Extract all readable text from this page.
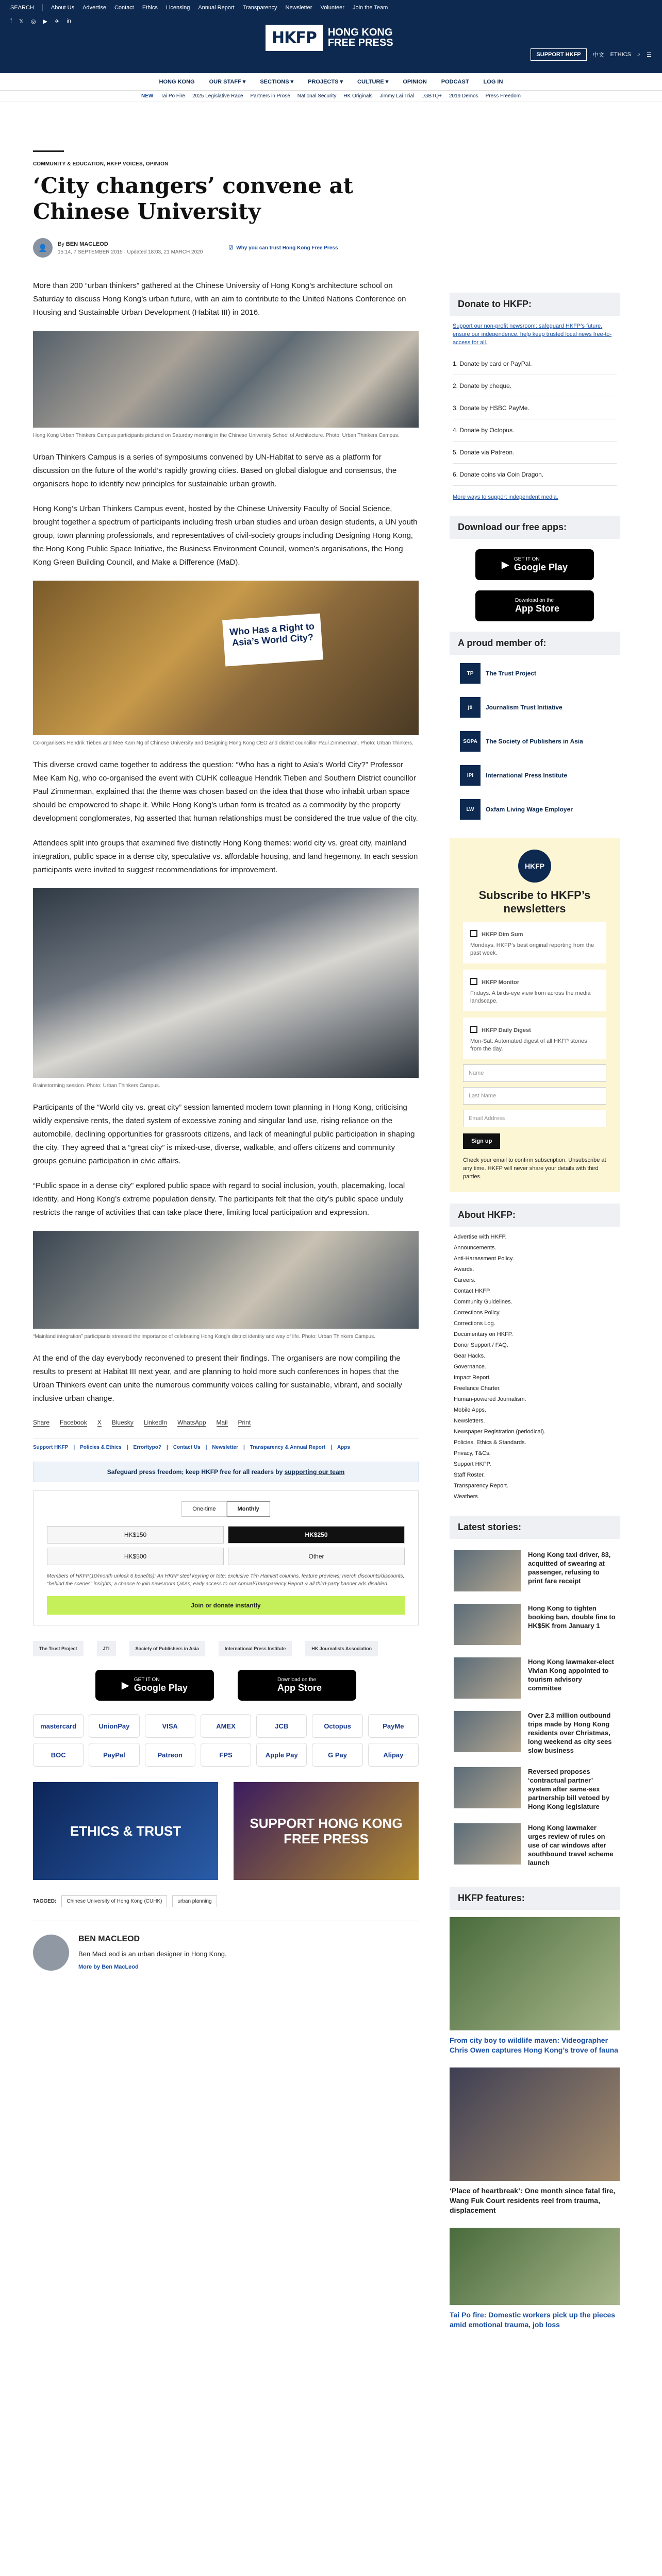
SEARCH	About Us Advertise Contact Ethics Licensing Annual Report Transparency Newsletter Volunteer Join the Team
f 𝕏 ◎ ▶ ✈ in
HKFP	HONG KONG
FREE PRESS
SUPPORT HKFP	中文 ETHICS ⌕ ☰
HONG KONG	OUR STAFF ▾	SECTIONS ▾	PROJECTS ▾	CULTURE ▾	OPINION	PODCAST	LOG IN
NEW Tai Po Fire 2025 Legislative Race Partners in Prose National Security HK Originals Jimmy Lai Trial LGBTQ+ 2019 Demos Press Freedom
COMMUNITY & EDUCATION, HKFP VOICES, OPINION
‘City changers’ convene at Chinese University
👤	By BEN MACLEOD
15:14, 7 SEPTEMBER 2015 · Updated 18:03, 21 MARCH 2020
☑ Why you can trust Hong Kong Free Press

More than 200 “urban thinkers” gathered at the Chinese University of Hong Kong’s architecture school on Saturday to discuss Hong Kong’s urban future, with an aim to contribute to the United Nations Conference on Housing and Sustainable Urban Development (Habitat III) in 2016.

Hong Kong Urban Thinkers Campus participants pictured on Saturday morning in the Chinese University School of Architecture. Photo: Urban Thinkers Campus.

Urban Thinkers Campus is a series of symposiums convened by UN-Habitat to serve as a platform for discussion on the future of the world’s rapidly growing cities. Based on global dialogue and consensus, the organisers hope to identify new principles for sustainable urban growth.

Hong Kong’s Urban Thinkers Campus event, hosted by the Chinese University Faculty of Social Science, brought together a spectrum of participants including fresh urban studies and urban design students, a UN youth group, town planning professionals, and representatives of civil-society groups including Designing Hong Kong, the Hong Kong Public Space Initiative, the Business Environment Council, women’s organisations, the Hong Kong Green Building Council, and Make a Difference (MaD).

Who Has a Right to Asia’s World City?
Co-organisers Hendrik Tieben and Mee Kam Ng of Chinese University and Designing Hong Kong CEO and district councillor Paul Zimmerman. Photo: Urban Thinkers.

This diverse crowd came together to address the question: “Who has a right to Asia’s World City?” Professor Mee Kam Ng, who co-organised the event with CUHK colleague Hendrik Tieben and Southern District councillor Paul Zimmerman, explained that the theme was chosen based on the idea that those who inhabit urban space should be empowered to shape it. While Hong Kong’s urban form is treated as a commodity by the property development conglomerates, Ng asserted that human relationships must be considered the true value of the city.

Attendees split into groups that examined five distinctly Hong Kong themes: world city vs. great city, mainland integration, public space in a dense city, speculative vs. affordable housing, and land hegemony. In each session participants were invited to suggest recommendations for improvement.

Brainstorming session. Photo: Urban Thinkers Campus.

Participants of the “World city vs. great city” session lamented modern town planning in Hong Kong, criticising wildly expensive rents, the dated system of excessive zoning and singular land use, rising reliance on the automobile, declining opportunities for grassroots citizens, and lack of meaningful public participation in shaping the city. They agreed that a “great city” is mixed-use, diverse, walkable, and offers citizens and community groups genuine participation in civic affairs.

“Public space in a dense city” explored public space with regard to social inclusion, youth, placemaking, local identity, and Hong Kong’s extreme population density. The participants felt that the city’s public space unduly restricts the range of activities that can take place there, limiting local participation and expression.

“Mainland integration” participants stressed the importance of celebrating Hong Kong’s district identity and way of life. Photo: Urban Thinkers Campus.

At the end of the day everybody reconvened to present their findings. The organisers are now compiling the results to present at Habitat III next year, and are planning to hold more such conferences in hopes that the Urban Thinkers event can unite the numerous community voices calling for sustainable, vibrant, and socially inclusive urban change.

Share Facebook X Bluesky LinkedIn WhatsApp Mail Print
Support HKFP | Policies & Ethics | Error/typo? | Contact Us | Newsletter | Transparency & Annual Report | Apps
Safeguard press freedom; keep HKFP free for all readers by
supporting our team
One-time	Monthly
HK$150	HK$250
HK$500	Other
Members of HKFP(10/month unlock 6 benefits): An HKFP steel keyring or tote; exclusive Tim Hamlett columns, feature previews; merch discounts/discounts; “behind the scenes” insights; a chance to join newsroom Q&As; early access to our Annual/Transparency Report & all third-party banner ads disabled.
Join or donate instantly
The Trust Project	JTI	Society of Publishers in Asia	International Press Institute	HK Journalists Association
▶ GET IT ON
Google Play
Download on the
App Store
mastercard	UnionPay	VISA	AMEX	JCB	Octopus	PayMe
BOC	PayPal	Patreon	FPS	Apple Pay	G Pay	Alipay
ETHICS & TRUST	SUPPORT HONG KONG FREE PRESS
TAGGED:	Chinese University of Hong Kong (CUHK)	urban planning
BEN MACLEOD
Ben MacLeod is an urban designer in Hong Kong.
More by Ben MacLeod
Donate to HKFP:
Support our non-profit newsroom: safeguard HKFP’s future, ensure our independence, help keep trusted local news free-to-access for all.
1. Donate by card or PayPal.
2. Donate by cheque.
3. Donate by HSBC PayMe.
4. Donate by Octopus.
5. Donate via Patreon.
6. Donate coins via Coin Dragon.
More ways to support independent media.
Download our free apps:
▶ GET IT ON
Google Play
Download on the
App Store
A proud member of:
TP	The Trust Project
jti	Journalism Trust Initiative
SOPA	The Society of Publishers in Asia
IPI	International Press Institute
LW	Oxfam Living Wage Employer
HKFP
Subscribe to HKFP’s newsletters
HKFP Dim Sum
Mondays. HKFP’s best original reporting from the past week.
HKFP Monitor
Fridays. A birds-eye view from across the media landscape.
HKFP Daily Digest
Mon-Sat. Automated digest of all HKFP stories from the day.
Name
Last Name
Email Address
Sign up
Check your email to confirm subscription. Unsubscribe at any time. HKFP will never share your details with third parties.
About HKFP:
Advertise with HKFP.
Announcements.
Anti-Harassment Policy.
Awards.
Careers.
Contact HKFP.
Community Guidelines.
Corrections Policy.
Corrections Log.
Documentary on HKFP.
Donor Support / FAQ.
Gear Hacks.
Governance.
Impact Report.
Freelance Charter.
Human-powered Journalism.
Mobile Apps.
Newsletters.
Newspaper Registration (periodical).
Policies, Ethics & Standards.
Privacy, T&Cs.
Support HKFP.
Staff Roster.
Transparency Report.
Weathers.
Latest stories:
Hong Kong taxi driver, 83, acquitted of swearing at passenger, refusing to print fare receipt
Hong Kong to tighten booking ban, double fine to HK$5K from January 1
Hong Kong lawmaker-elect Vivian Kong appointed to tourism advisory committee
Over 2.3 million outbound trips made by Hong Kong residents over Christmas, long weekend as city sees slow business
Reversed proposes ‘contractual partner’ system after same-sex partnership bill vetoed by Hong Kong legislature
Hong Kong lawmaker urges review of rules on use of car windows after southbound travel scheme launch
HKFP features:
From city boy to wildlife maven: Videographer Chris Owen captures Hong Kong’s trove of fauna
‘Place of heartbreak’: One month since fatal fire, Wang Fuk Court residents reel from trauma, displacement
Tai Po fire: Domestic workers pick up the pieces amid emotional trauma, job loss
